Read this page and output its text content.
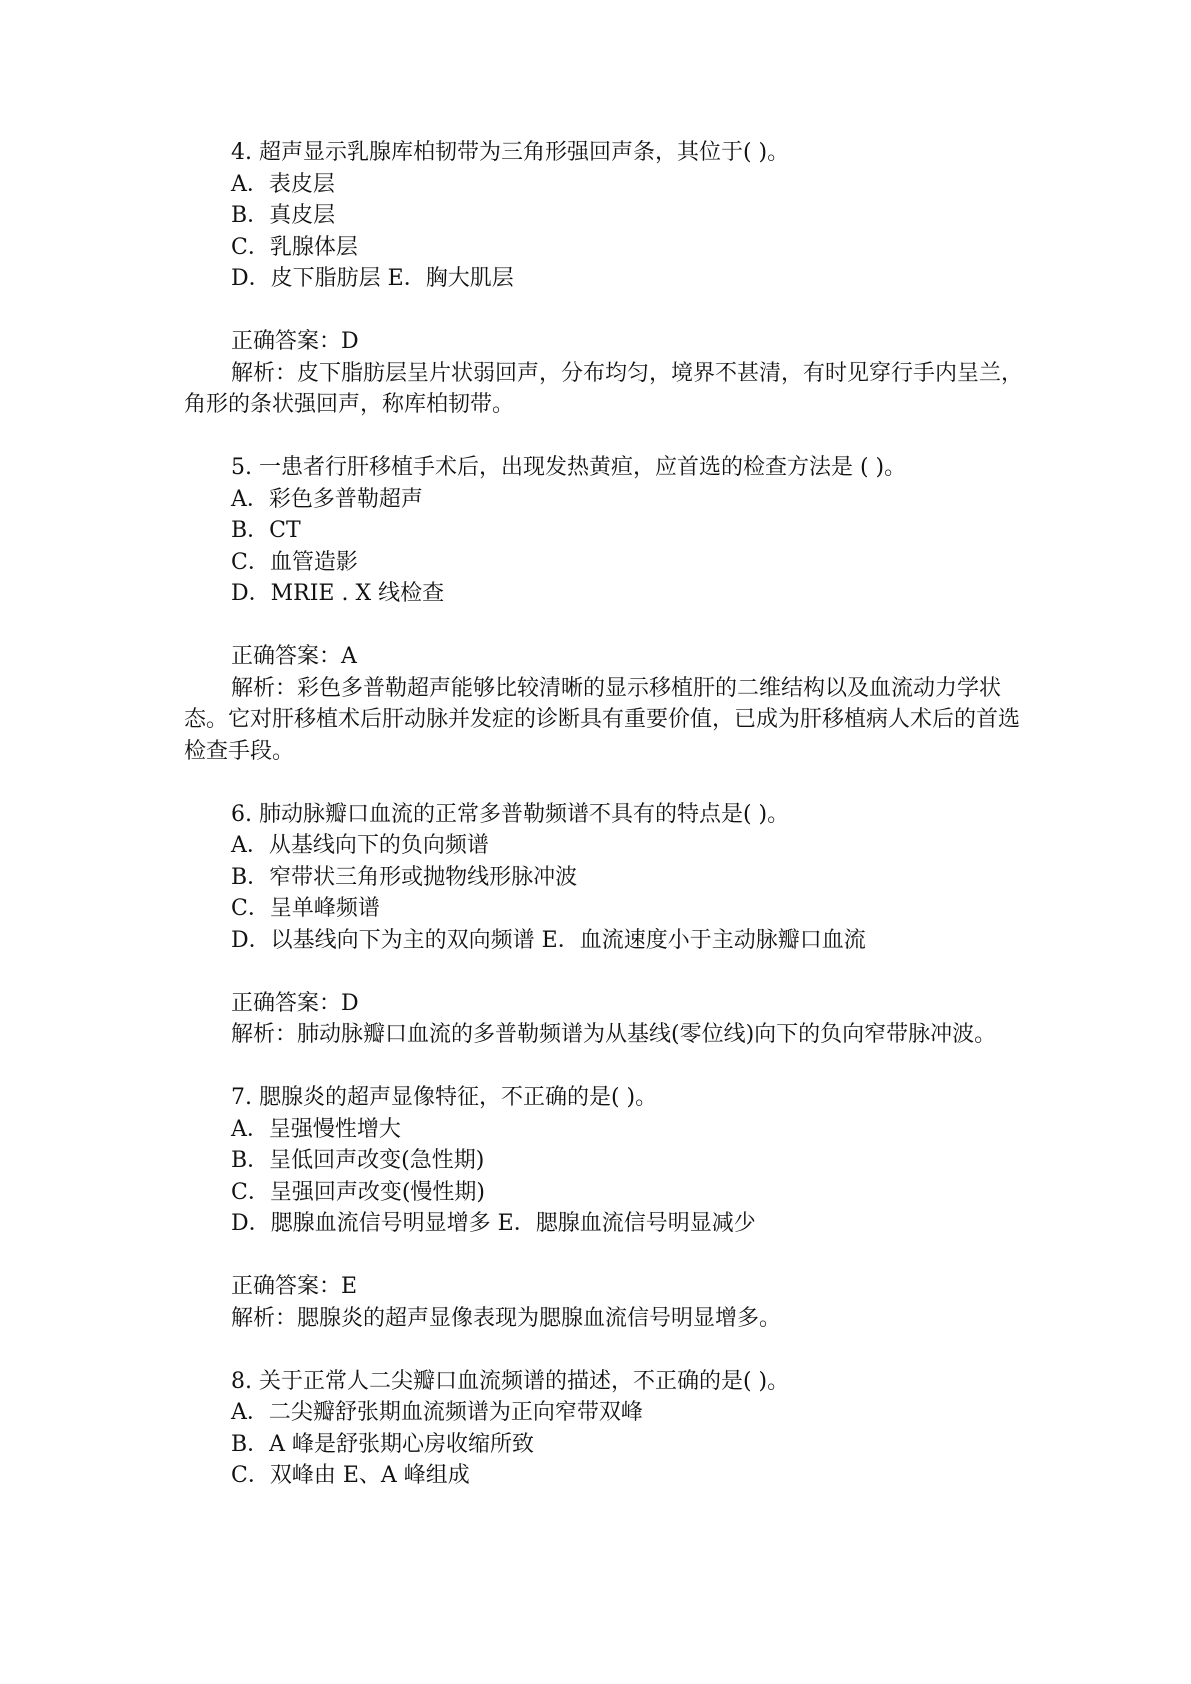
4. 超声显示乳腺库柏韧带为三角形强回声条，其位于( )。
A．表皮层
B．真皮层
C．乳腺体层
D．皮下脂肪层 E．胸大肌层
正确答案：D
解析：皮下脂肪层呈片状弱回声，分布均匀，境界不甚清，有时见穿行手内呈兰，角形的条状强回声，称库柏韧带。
5. 一患者行肝移植手术后，出现发热黄疸，应首选的检查方法是 ( )。
A．彩色多普勒超声
B．CT
C．血管造影
D．MRIE . X 线检查
正确答案：A
解析：彩色多普勒超声能够比较清晰的显示移植肝的二维结构以及血流动力学状态。它对肝移植术后肝动脉并发症的诊断具有重要价值，已成为肝移植病人术后的首选检查手段。
6. 肺动脉瓣口血流的正常多普勒频谱不具有的特点是( )。
A．从基线向下的负向频谱
B．窄带状三角形或抛物线形脉冲波
C．呈单峰频谱
D．以基线向下为主的双向频谱 E．血流速度小于主动脉瓣口血流
正确答案：D
解析：肺动脉瓣口血流的多普勒频谱为从基线(零位线)向下的负向窄带脉冲波。
7. 腮腺炎的超声显像特征，不正确的是( )。
A．呈强慢性增大
B．呈低回声改变(急性期)
C．呈强回声改变(慢性期)
D．腮腺血流信号明显增多 E．腮腺血流信号明显减少
正确答案：E
解析：腮腺炎的超声显像表现为腮腺血流信号明显增多。
8. 关于正常人二尖瓣口血流频谱的描述，不正确的是( )。
A．二尖瓣舒张期血流频谱为正向窄带双峰
B．A 峰是舒张期心房收缩所致
C．双峰由 E、A 峰组成
